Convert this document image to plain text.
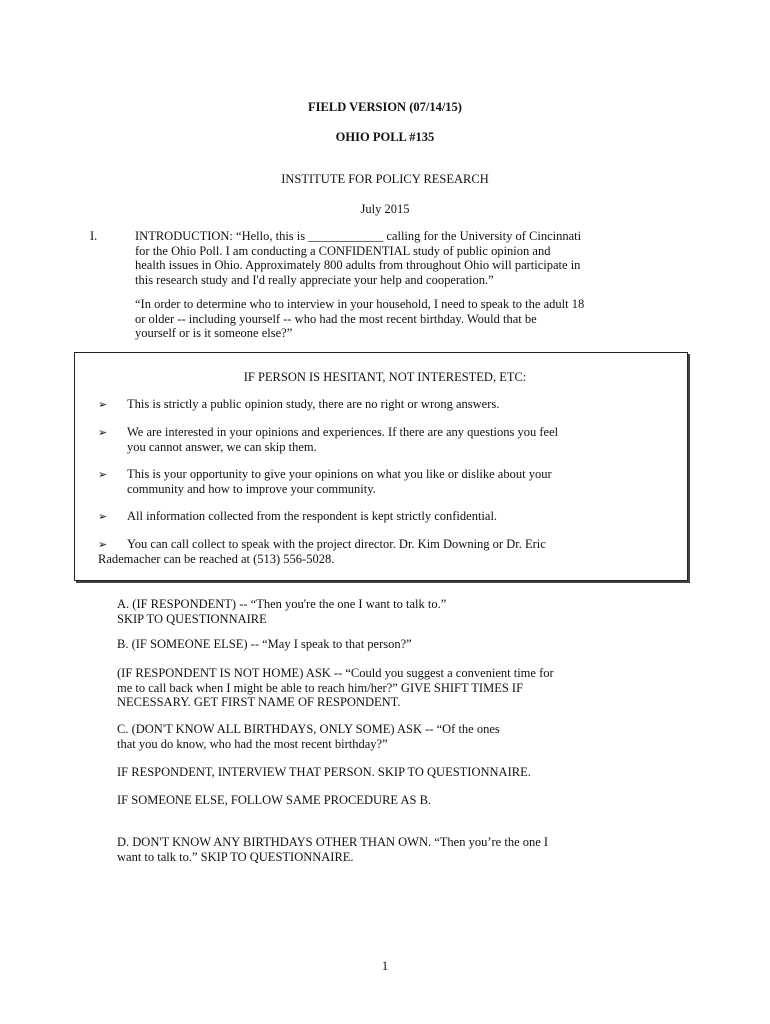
FIELD VERSION (07/14/15)
OHIO POLL #135
INSTITUTE FOR POLICY RESEARCH
July 2015
I.	INTRODUCTION: “Hello, this is ____________ calling for the University of Cincinnati
for the Ohio Poll. I am conducting a CONFIDENTIAL study of public opinion and
health issues in Ohio. Approximately 800 adults from throughout Ohio will participate in
this research study and I'd really appreciate your help and cooperation.”
“In order to determine who to interview in your household, I need to speak to the adult 18
or older -- including yourself -- who had the most recent birthday. Would that be
yourself or is it someone else?”
IF PERSON IS HESITANT, NOT INTERESTED, ETC:
➢ This is strictly a public opinion study, there are no right or wrong answers.
➢ We are interested in your opinions and experiences. If there are any questions you feel
you cannot answer, we can skip them.
➢ This is your opportunity to give your opinions on what you like or dislike about your
community and how to improve your community.
➢ All information collected from the respondent is kept strictly confidential.
➢	You can call collect to speak with the project director. Dr. Kim Downing or Dr. Eric
Rademacher can be reached at (513) 556-5028.
A. (IF RESPONDENT) -- “Then you're the one I want to talk to.”
SKIP TO QUESTIONNAIRE
B. (IF SOMEONE ELSE) -- “May I speak to that person?”
(IF RESPONDENT IS NOT HOME) ASK -- “Could you suggest a convenient time for
me to call back when I might be able to reach him/her?” GIVE SHIFT TIMES IF
NECESSARY. GET FIRST NAME OF RESPONDENT.
C. (DON'T KNOW ALL BIRTHDAYS, ONLY SOME) ASK -- “Of the ones
that you do know, who had the most recent birthday?”
IF RESPONDENT, INTERVIEW THAT PERSON. SKIP TO QUESTIONNAIRE.
IF SOMEONE ELSE, FOLLOW SAME PROCEDURE AS B.
D. DON'T KNOW ANY BIRTHDAYS OTHER THAN OWN. “Then you’re the one I
want to talk to.” SKIP TO QUESTIONNAIRE.
1
